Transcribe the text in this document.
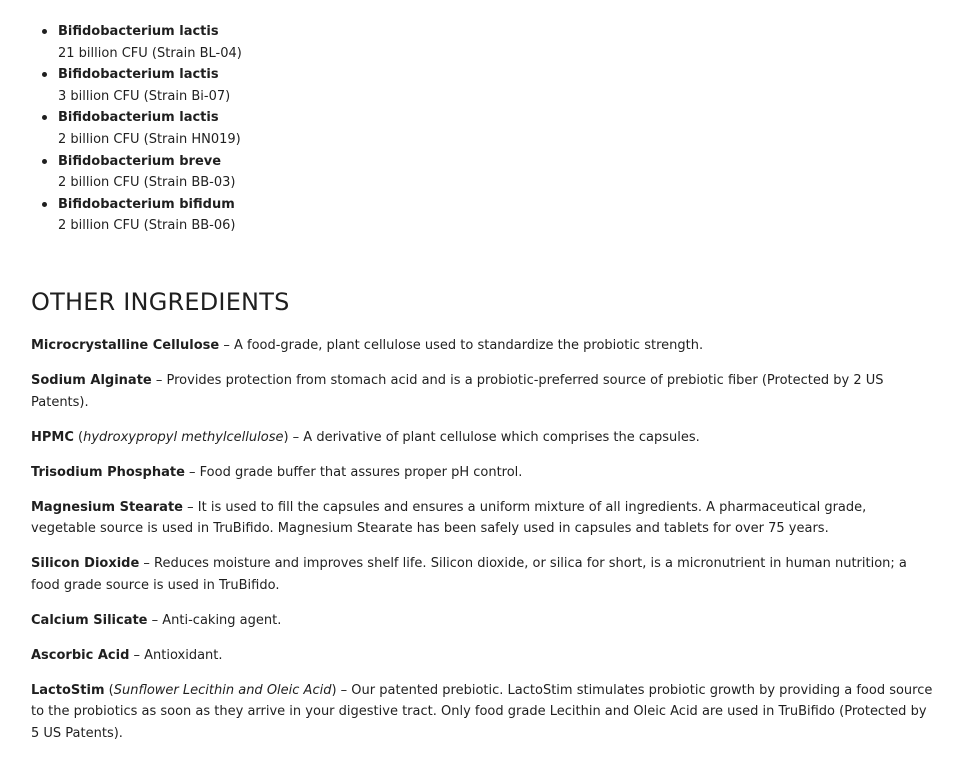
Bifidobacterium lactis
21 billion CFU (Strain BL-04)
Bifidobacterium lactis
3 billion CFU (Strain Bi-07)
Bifidobacterium lactis
2 billion CFU (Strain HN019)
Bifidobacterium breve
2 billion CFU (Strain BB-03)
Bifidobacterium bifidum
2 billion CFU (Strain BB-06)
OTHER INGREDIENTS

Microcrystalline Cellulose – A food-grade, plant cellulose used to standardize the probiotic strength.

Sodium Alginate – Provides protection from stomach acid and is a probiotic-preferred source of prebiotic fiber (Protected by 2 US Patents).

HPMC (hydroxypropyl methylcellulose) – A derivative of plant cellulose which comprises the capsules.

Trisodium Phosphate – Food grade buffer that assures proper pH control.

Magnesium Stearate – It is used to fill the capsules and ensures a uniform mixture of all ingredients. A pharmaceutical grade, vegetable source is used in TruBifido. Magnesium Stearate has been safely used in capsules and tablets for over 75 years.

Silicon Dioxide – Reduces moisture and improves shelf life. Silicon dioxide, or silica for short, is a micronutrient in human nutrition; a food grade source is used in TruBifido.

Calcium Silicate – Anti-caking agent.

Ascorbic Acid – Antioxidant.

LactoStim (Sunflower Lecithin and Oleic Acid) – Our patented prebiotic. LactoStim stimulates probiotic growth by providing a food source to the probiotics as soon as they arrive in your digestive tract. Only food grade Lecithin and Oleic Acid are used in TruBifido (Protected by 5 US Patents).
